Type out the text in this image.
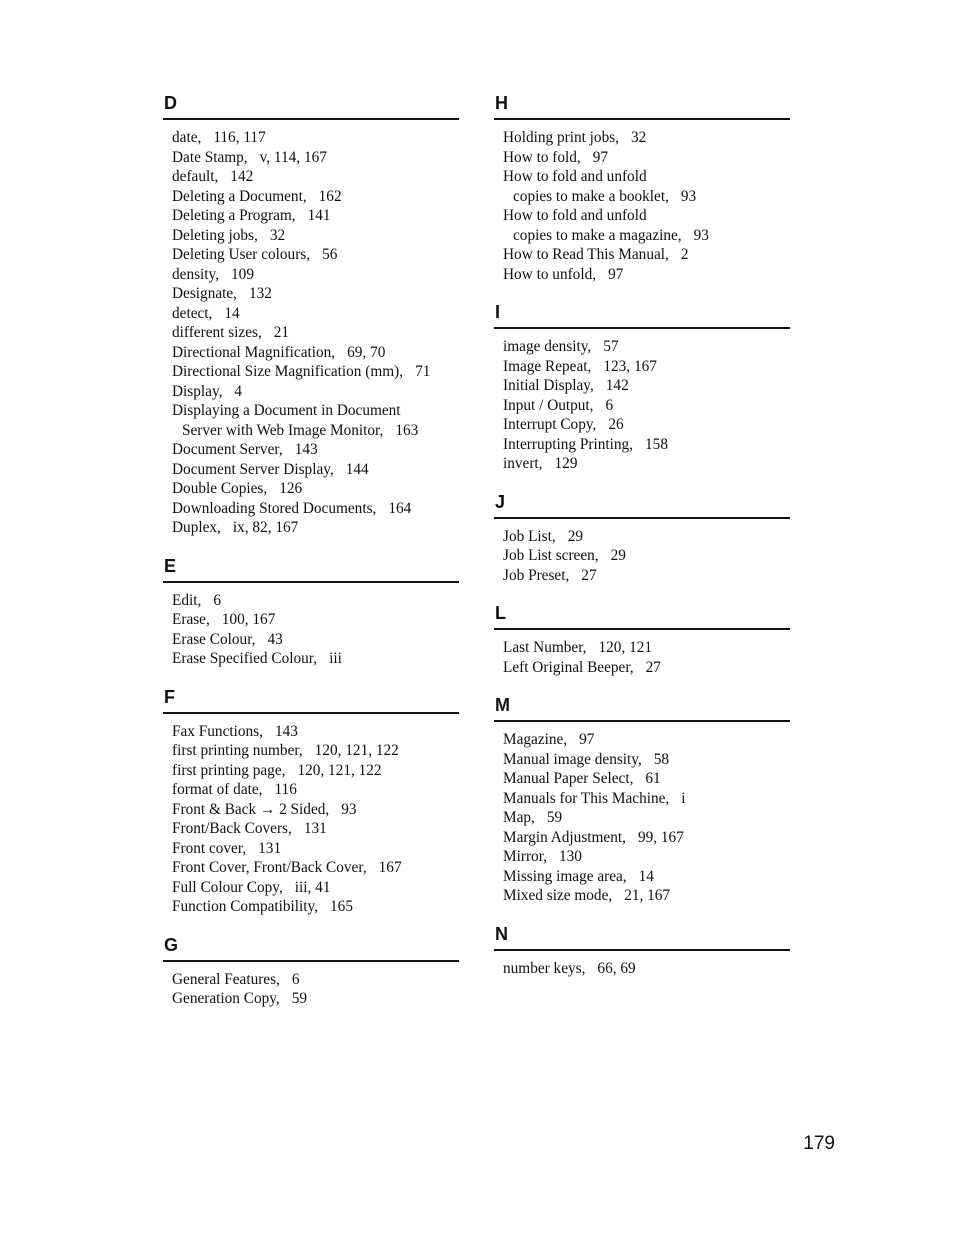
D
date, 116, 117
Date Stamp, v, 114, 167
default, 142
Deleting a Document, 162
Deleting a Program, 141
Deleting jobs, 32
Deleting User colours, 56
density, 109
Designate, 132
detect, 14
different sizes, 21
Directional Magnification, 69, 70
Directional Size Magnification (mm), 71
Display, 4
Displaying a Document in Document
Server with Web Image Monitor, 163
Document Server, 143
Document Server Display, 144
Double Copies, 126
Downloading Stored Documents, 164
Duplex, ix, 82, 167
E
Edit, 6
Erase, 100, 167
Erase Colour, 43
Erase Specified Colour, iii
F
Fax Functions, 143
first printing number, 120, 121, 122
first printing page, 120, 121, 122
format of date, 116
Front & Back → 2 Sided, 93
Front/Back Covers, 131
Front cover, 131
Front Cover, Front/Back Cover, 167
Full Colour Copy, iii, 41
Function Compatibility, 165
G
General Features, 6
Generation Copy, 59
H
Holding print jobs, 32
How to fold, 97
How to fold and unfold
copies to make a booklet, 93
How to fold and unfold
copies to make a magazine, 93
How to Read This Manual, 2
How to unfold, 97
I
image density, 57
Image Repeat, 123, 167
Initial Display, 142
Input / Output, 6
Interrupt Copy, 26
Interrupting Printing, 158
invert, 129
J
Job List, 29
Job List screen, 29
Job Preset, 27
L
Last Number, 120, 121
Left Original Beeper, 27
M
Magazine, 97
Manual image density, 58
Manual Paper Select, 61
Manuals for This Machine, i
Map, 59
Margin Adjustment, 99, 167
Mirror, 130
Missing image area, 14
Mixed size mode, 21, 167
N
number keys, 66, 69
179
